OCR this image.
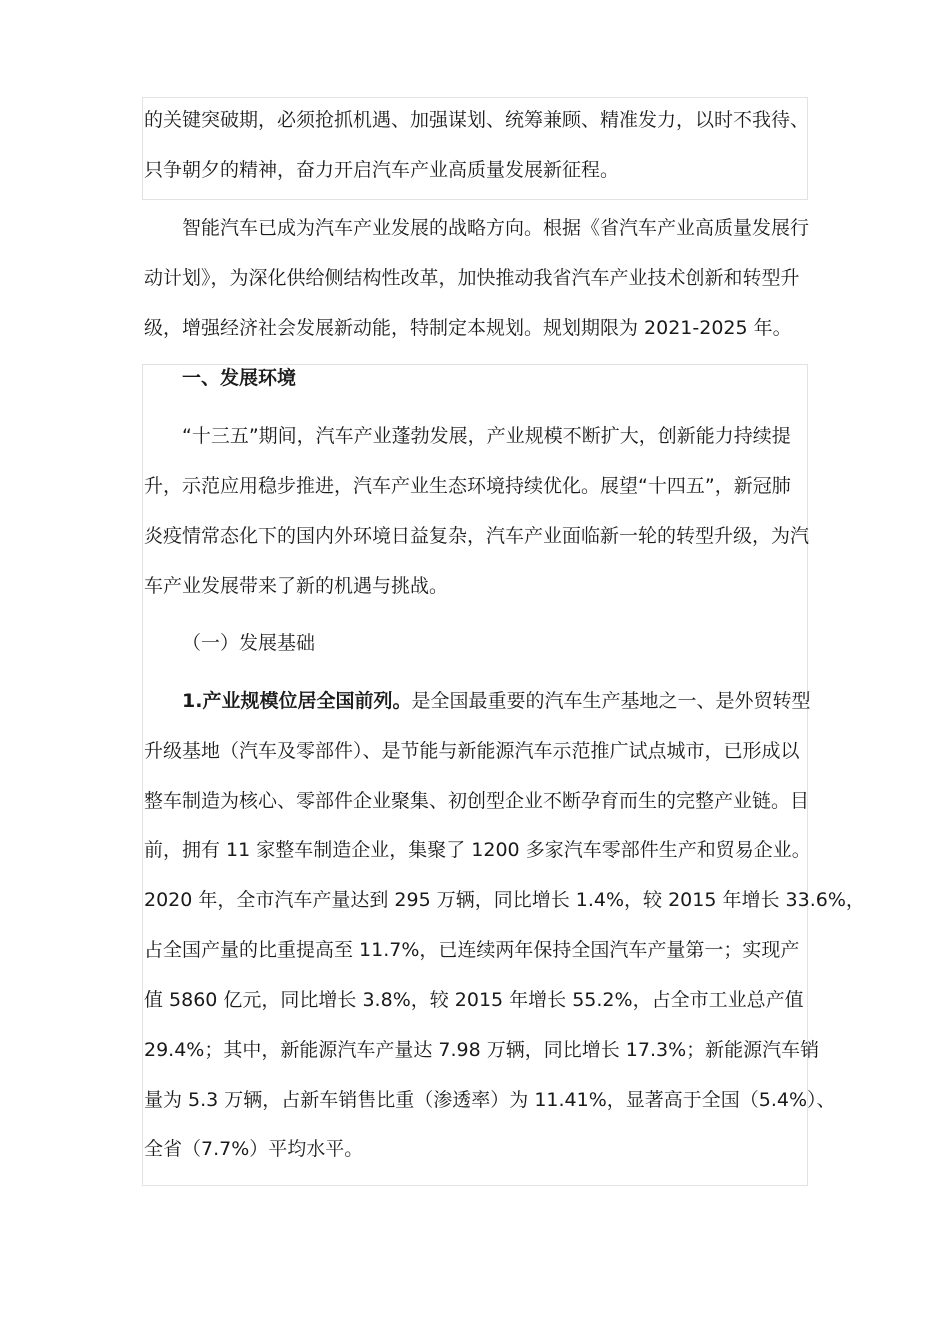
的关键突破期，必须抢抓机遇、加强谋划、统筹兼顾、精准发力，以时不我待、
只争朝夕的精神，奋力开启汽车产业高质量发展新征程。
智能汽车已成为汽车产业发展的战略方向。根据《省汽车产业高质量发展行
动计划》，为深化供给侧结构性改革，加快推动我省汽车产业技术创新和转型升
级，增强经济社会发展新动能，特制定本规划。规划期限为 2021-2025 年。
一、发展环境
“十三五”期间，汽车产业蓬勃发展，产业规模不断扩大，创新能力持续提
升，示范应用稳步推进，汽车产业生态环境持续优化。展望“十四五”，新冠肺
炎疫情常态化下的国内外环境日益复杂，汽车产业面临新一轮的转型升级，为汽
车产业发展带来了新的机遇与挑战。
（一）发展基础
1.产业规模位居全国前列。是全国最重要的汽车生产基地之一、是外贸转型
升级基地（汽车及零部件）、是节能与新能源汽车示范推广试点城市，已形成以
整车制造为核心、零部件企业聚集、初创型企业不断孕育而生的完整产业链。目
前，拥有 11 家整车制造企业，集聚了 1200 多家汽车零部件生产和贸易企业。
2020 年，全市汽车产量达到 295 万辆，同比增长 1.4%，较 2015 年增长 33.6%，
占全国产量的比重提高至 11.7%，已连续两年保持全国汽车产量第一；实现产
值 5860 亿元，同比增长 3.8%，较 2015 年增长 55.2%，占全市工业总产值
29.4%；其中，新能源汽车产量达 7.98 万辆，同比增长 17.3%；新能源汽车销
量为 5.3 万辆，占新车销售比重（渗透率）为 11.41%，显著高于全国（5.4%）、
全省（7.7%）平均水平。
